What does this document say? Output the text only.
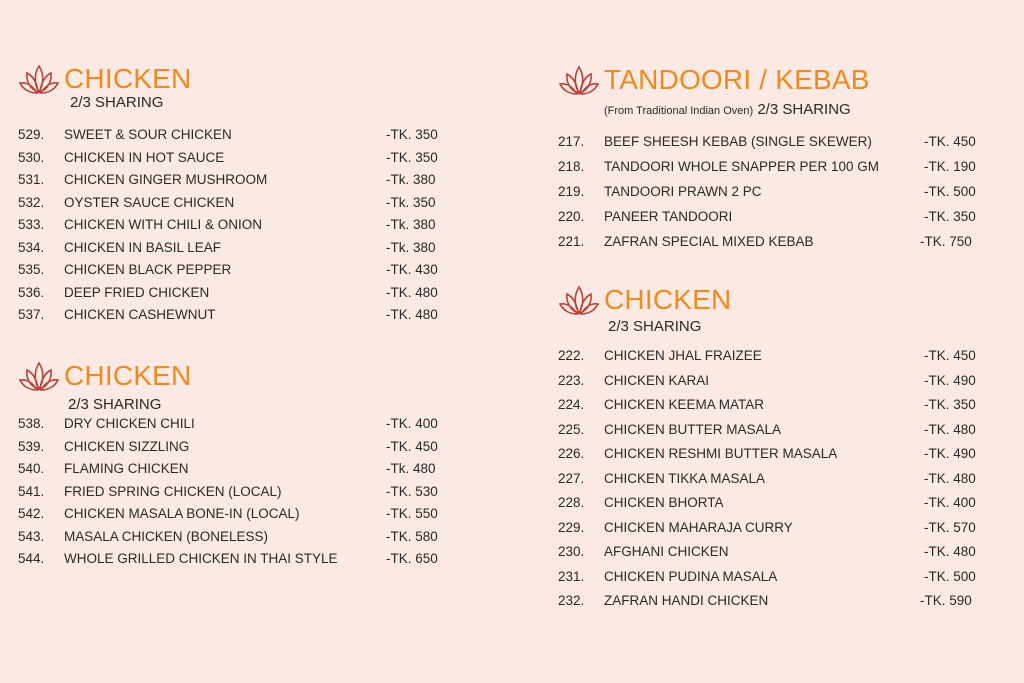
CHICKEN
2/3 SHARING
529. SWEET & SOUR CHICKEN	-TK. 350
530. CHICKEN IN HOT SAUCE	-TK. 350
531. CHICKEN GINGER MUSHROOM	-Tk. 380
532. OYSTER SAUCE CHICKEN	-Tk. 350
533. CHICKEN WITH CHILI & ONION	-Tk. 380
534. CHICKEN IN BASIL LEAF	-Tk. 380
535. CHICKEN BLACK PEPPER	-TK. 430
536. DEEP FRIED CHICKEN	-TK. 480
537. CHICKEN CASHEWNUT	-TK. 480
CHICKEN
2/3 SHARING
538. DRY CHICKEN CHILI	-TK. 400
539. CHICKEN SIZZLING	-TK. 450
540. FLAMING CHICKEN	-Tk. 480
541. FRIED SPRING CHICKEN (LOCAL)	-TK. 530
542. CHICKEN MASALA BONE-IN (LOCAL)	-TK. 550
543. MASALA CHICKEN (BONELESS)	-TK. 580
544. WHOLE GRILLED CHICKEN IN THAI STYLE	-TK. 650
TANDOORI / KEBAB
(From Traditional Indian Oven) 2/3 SHARING
217. BEEF SHEESH KEBAB (SINGLE SKEWER)	-TK. 450
218. TANDOORI WHOLE SNAPPER PER 100 GM	-TK. 190
219. TANDOORI PRAWN 2 PC	-TK. 500
220. PANEER TANDOORI	-TK. 350
221. ZAFRAN SPECIAL MIXED KEBAB	-TK. 750
CHICKEN
2/3 SHARING
222. CHICKEN JHAL FRAIZEE	-TK. 450
223. CHICKEN KARAI	-TK. 490
224. CHICKEN KEEMA MATAR	-TK. 350
225. CHICKEN BUTTER MASALA	-TK. 480
226. CHICKEN RESHMI BUTTER MASALA	-TK. 490
227. CHICKEN TIKKA MASALA	-TK. 480
228. CHICKEN BHORTA	-TK. 400
229. CHICKEN MAHARAJA CURRY	-TK. 570
230. AFGHANI CHICKEN	-TK. 480
231. CHICKEN PUDINA MASALA	-TK. 500
232. ZAFRAN HANDI CHICKEN	-TK. 590
